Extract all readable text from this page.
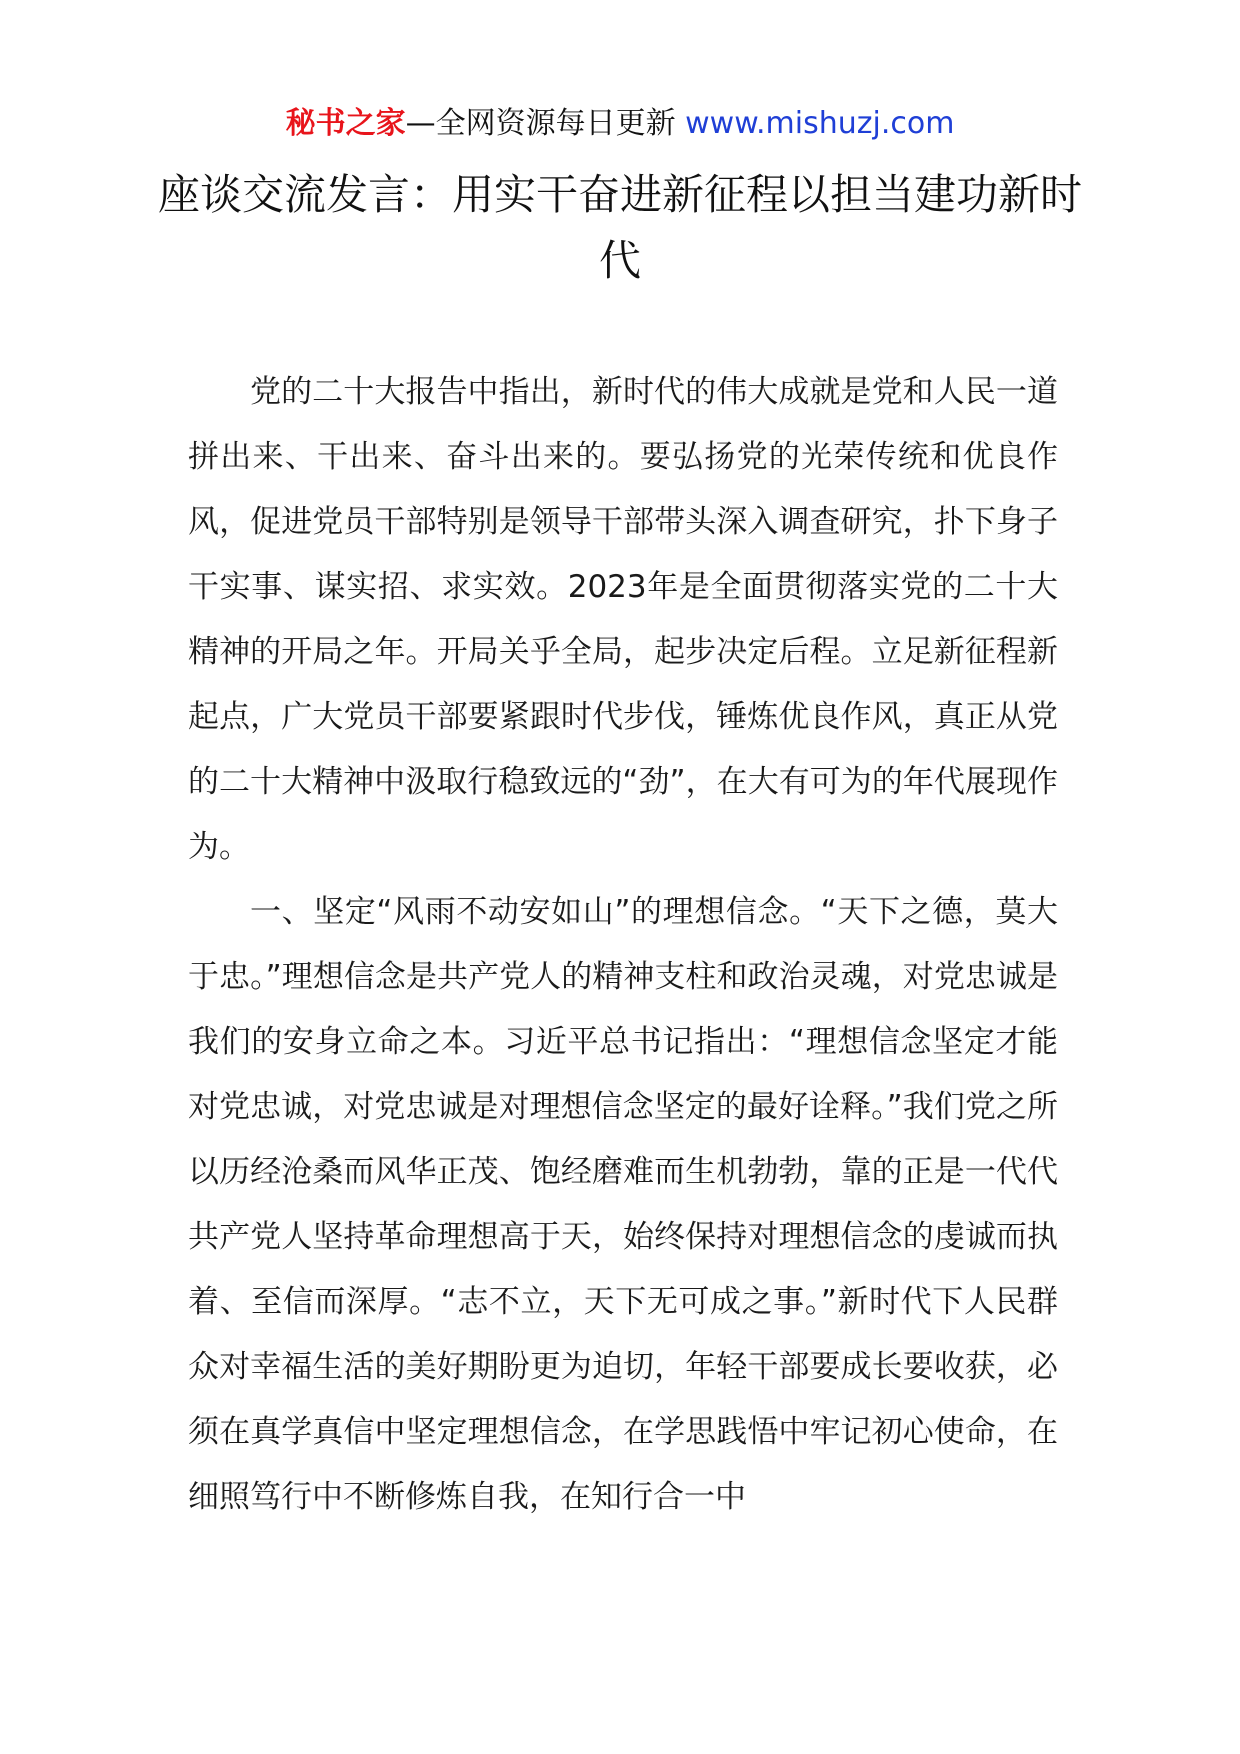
秘书之家—全网资源每日更新 www.mishuzj.com
座谈交流发言：用实干奋进新征程以担当建功新时代

党的二十大报告中指出，新时代的伟大成就是党和人民一道拼出来、干出来、奋斗出来的。要弘扬党的光荣传统和优良作风，促进党员干部特别是领导干部带头深入调查研究，扑下身子干实事、谋实招、求实效。2023年是全面贯彻落实党的二十大精神的开局之年。开局关乎全局，起步决定后程。立足新征程新起点，广大党员干部要紧跟时代步伐，锤炼优良作风，真正从党的二十大精神中汲取行稳致远的“劲”，在大有可为的年代展现作为。

一、坚定“风雨不动安如山”的理想信念。“天下之德，莫大于忠。”理想信念是共产党人的精神支柱和政治灵魂，对党忠诚是我们的安身立命之本。习近平总书记指出：“理想信念坚定才能对党忠诚，对党忠诚是对理想信念坚定的最好诠释。”我们党之所以历经沧桑而风华正茂、饱经磨难而生机勃勃，靠的正是一代代共产党人坚持革命理想高于天，始终保持对理想信念的虔诚而执着、至信而深厚。“志不立，天下无可成之事。”新时代下人民群众对幸福生活的美好期盼更为迫切，年轻干部要成长要收获，必须在真学真信中坚定理想信念，在学思践悟中牢记初心使命，在细照笃行中不断修炼自我，在知行合一中
